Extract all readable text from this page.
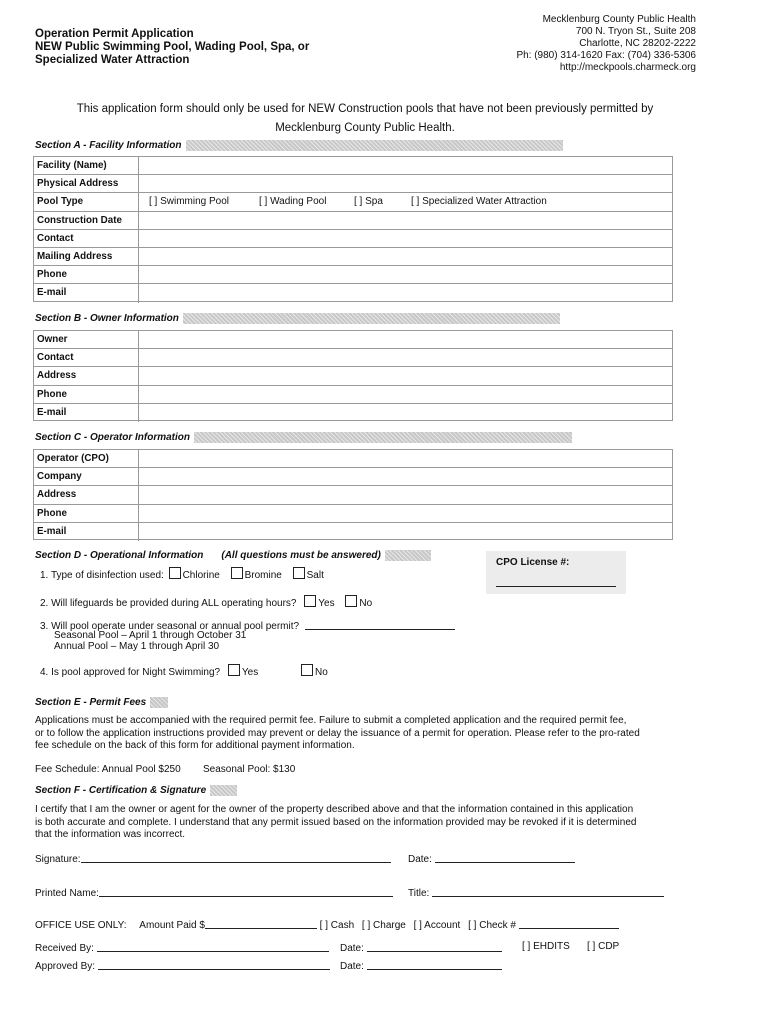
Operation Permit Application
NEW Public Swimming Pool, Wading Pool, Spa, or
Specialized Water Attraction
Mecklenburg County Public Health
700 N. Tryon St., Suite 208
Charlotte, NC 28202-2222
Ph: (980) 314-1620 Fax: (704) 336-5306
http://meckpools.charmeck.org
This application form should only be used for NEW Construction pools that have not been previously permitted by
Mecklenburg County Public Health.
Section A - Facility Information
Facility (Name)
Physical Address
Pool Type	[ ] Swimming Pool	[ ] Wading Pool	[ ] Spa	[ ] Specialized Water Attraction
Construction Date
Contact
Mailing Address
Phone
E-mail
Section B - Owner Information
Owner
Contact
Address
Phone
E-mail
Section C - Operator Information
Operator (CPO)
Company
Address
Phone
E-mail
Section D - Operational Information (All questions must be answered)
CPO License #:
1. Type of disinfection used: Chlorine Bromine Salt
2. Will lifeguards be provided during ALL operating hours? Yes No
3. Will pool operate under seasonal or annual pool permit?
Seasonal Pool – April 1 through October 31
Annual Pool – May 1 through April 30
4. Is pool approved for Night Swimming? Yes	No
Section E - Permit Fees
Applications must be accompanied with the required permit fee. Failure to submit a completed application and the required permit fee,
or to follow the application instructions provided may prevent or delay the issuance of a permit for operation. Please refer to the pro-rated
fee schedule on the back of this form for additional payment information.
Fee Schedule: Annual Pool $250 Seasonal Pool: $130
Section F - Certification & Signature
I certify that I am the owner or agent for the owner of the property described above and that the information contained in this application
is both accurate and complete. I understand that any permit issued based on the information provided may be revoked if it is determined
that the information was incorrect.
Signature:	Date:
Printed Name:	Title:
OFFICE USE ONLY: Amount Paid $	[ ] Cash [ ] Charge [ ] Account [ ] Check #
Received By:	Date:	[ ] EHDITS [ ] CDP
Approved By:	Date:
